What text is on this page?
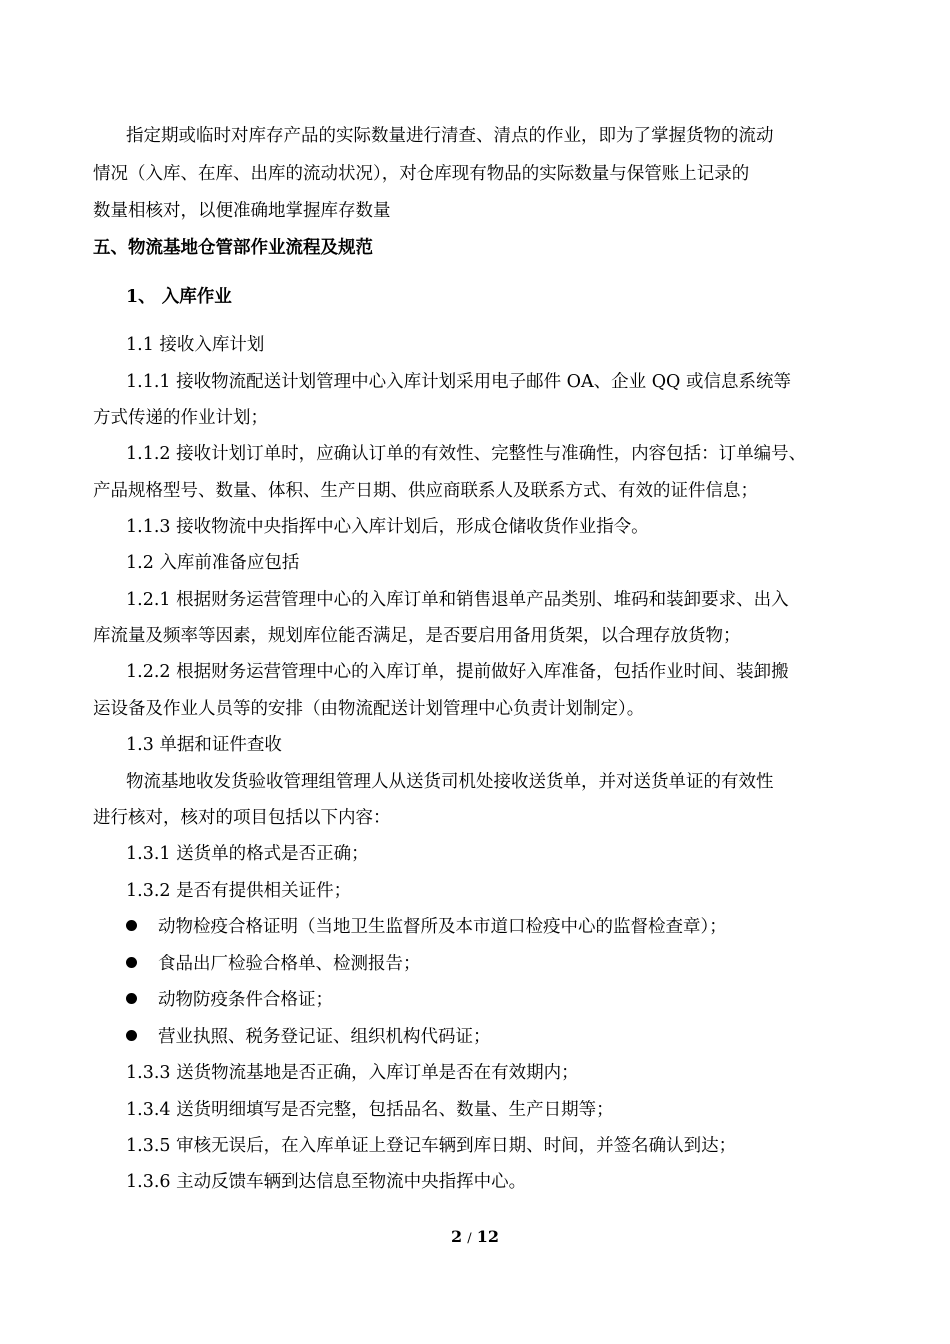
指定期或临时对库存产品的实际数量进行清查、清点的作业，即为了掌握货物的流动
情况（入库、在库、出库的流动状况），对仓库现有物品的实际数量与保管账上记录的
数量相核对，以便准确地掌握库存数量
五、物流基地仓管部作业流程及规范
1、 入库作业
1.1 接收入库计划
1.1.1 接收物流配送计划管理中心入库计划采用电子邮件 OA、企业 QQ 或信息系统等
方式传递的作业计划；
1.1.2 接收计划订单时，应确认订单的有效性、完整性与准确性，内容包括：订单编号、
产品规格型号、数量、体积、生产日期、供应商联系人及联系方式、有效的证件信息；
1.1.3 接收物流中央指挥中心入库计划后，形成仓储收货作业指令。
1.2 入库前准备应包括
1.2.1 根据财务运营管理中心的入库订单和销售退单产品类别、堆码和装卸要求、出入
库流量及频率等因素，规划库位能否满足，是否要启用备用货架，以合理存放货物；
1.2.2 根据财务运营管理中心的入库订单，提前做好入库准备，包括作业时间、装卸搬
运设备及作业人员等的安排（由物流配送计划管理中心负责计划制定）。
1.3 单据和证件查收
物流基地收发货验收管理组管理人从送货司机处接收送货单，并对送货单证的有效性
进行核对，核对的项目包括以下内容：
1.3.1 送货单的格式是否正确；
1.3.2 是否有提供相关证件；
动物检疫合格证明（当地卫生监督所及本市道口检疫中心的监督检查章）；
食品出厂检验合格单、检测报告；
动物防疫条件合格证；
营业执照、税务登记证、组织机构代码证；
1.3.3 送货物流基地是否正确，入库订单是否在有效期内；
1.3.4 送货明细填写是否完整，包括品名、数量、生产日期等；
1.3.5 审核无误后，在入库单证上登记车辆到库日期、时间，并签名确认到达；
1.3.6 主动反馈车辆到达信息至物流中央指挥中心。
2 / 12
